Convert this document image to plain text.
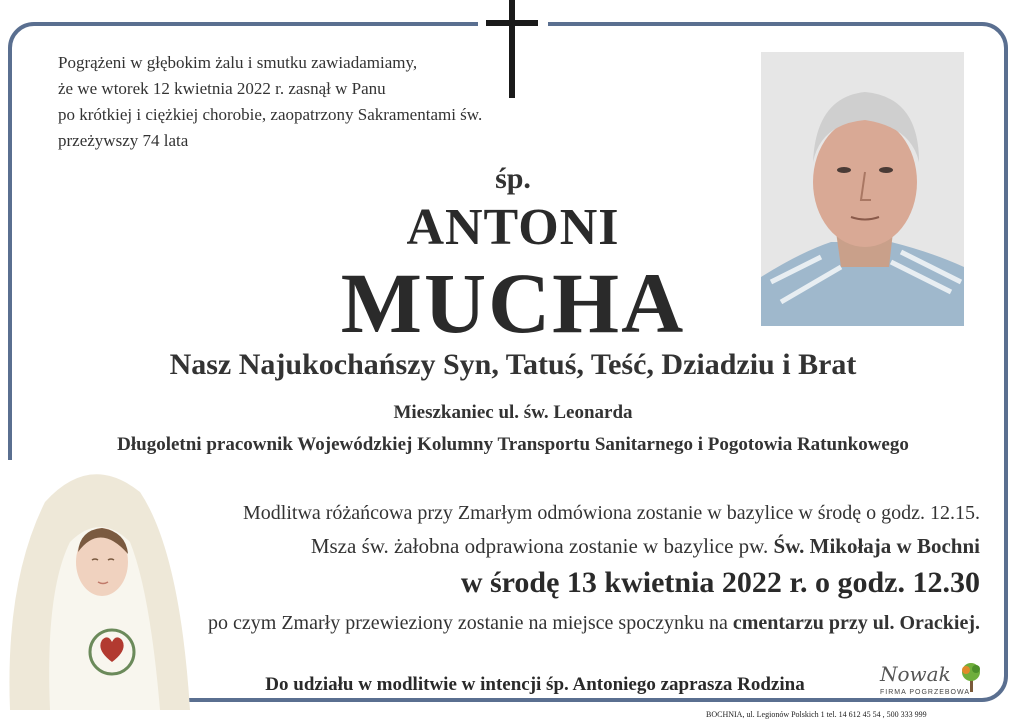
Pogrążeni w głębokim żalu i smutku zawiadamiamy,
że we wtorek 12 kwietnia 2022 r. zasnął w Panu
po krótkiej i ciężkiej chorobie, zaopatrzony Sakramentami św.
przeżywszy 74 lata
śp.
ANTONI
MUCHA
Nasz Najukochańszy Syn, Tatuś, Teść, Dziadziu i Brat
Mieszkaniec ul. św. Leonarda
Długoletni pracownik Wojewódzkiej Kolumny Transportu Sanitarnego i Pogotowia Ratunkowego
Modlitwa różańcowa przy Zmarłym odmówiona zostanie w bazylice w środę o godz. 12.15.
Msza św. żałobna odprawiona zostanie w bazylice pw. Św. Mikołaja w Bochni
w środę 13 kwietnia 2022 r. o godz. 12.30
po czym Zmarły przewieziony zostanie na miejsce spoczynku na cmentarzu przy ul. Orackiej.
Do udziału w modlitwie w intencji śp. Antoniego zaprasza Rodzina	Nowak
FIRMA POGRZEBOWA
BOCHNIA, ul. Legionów Polskich 1 tel. 14 612 45 54 , 500 333 999
